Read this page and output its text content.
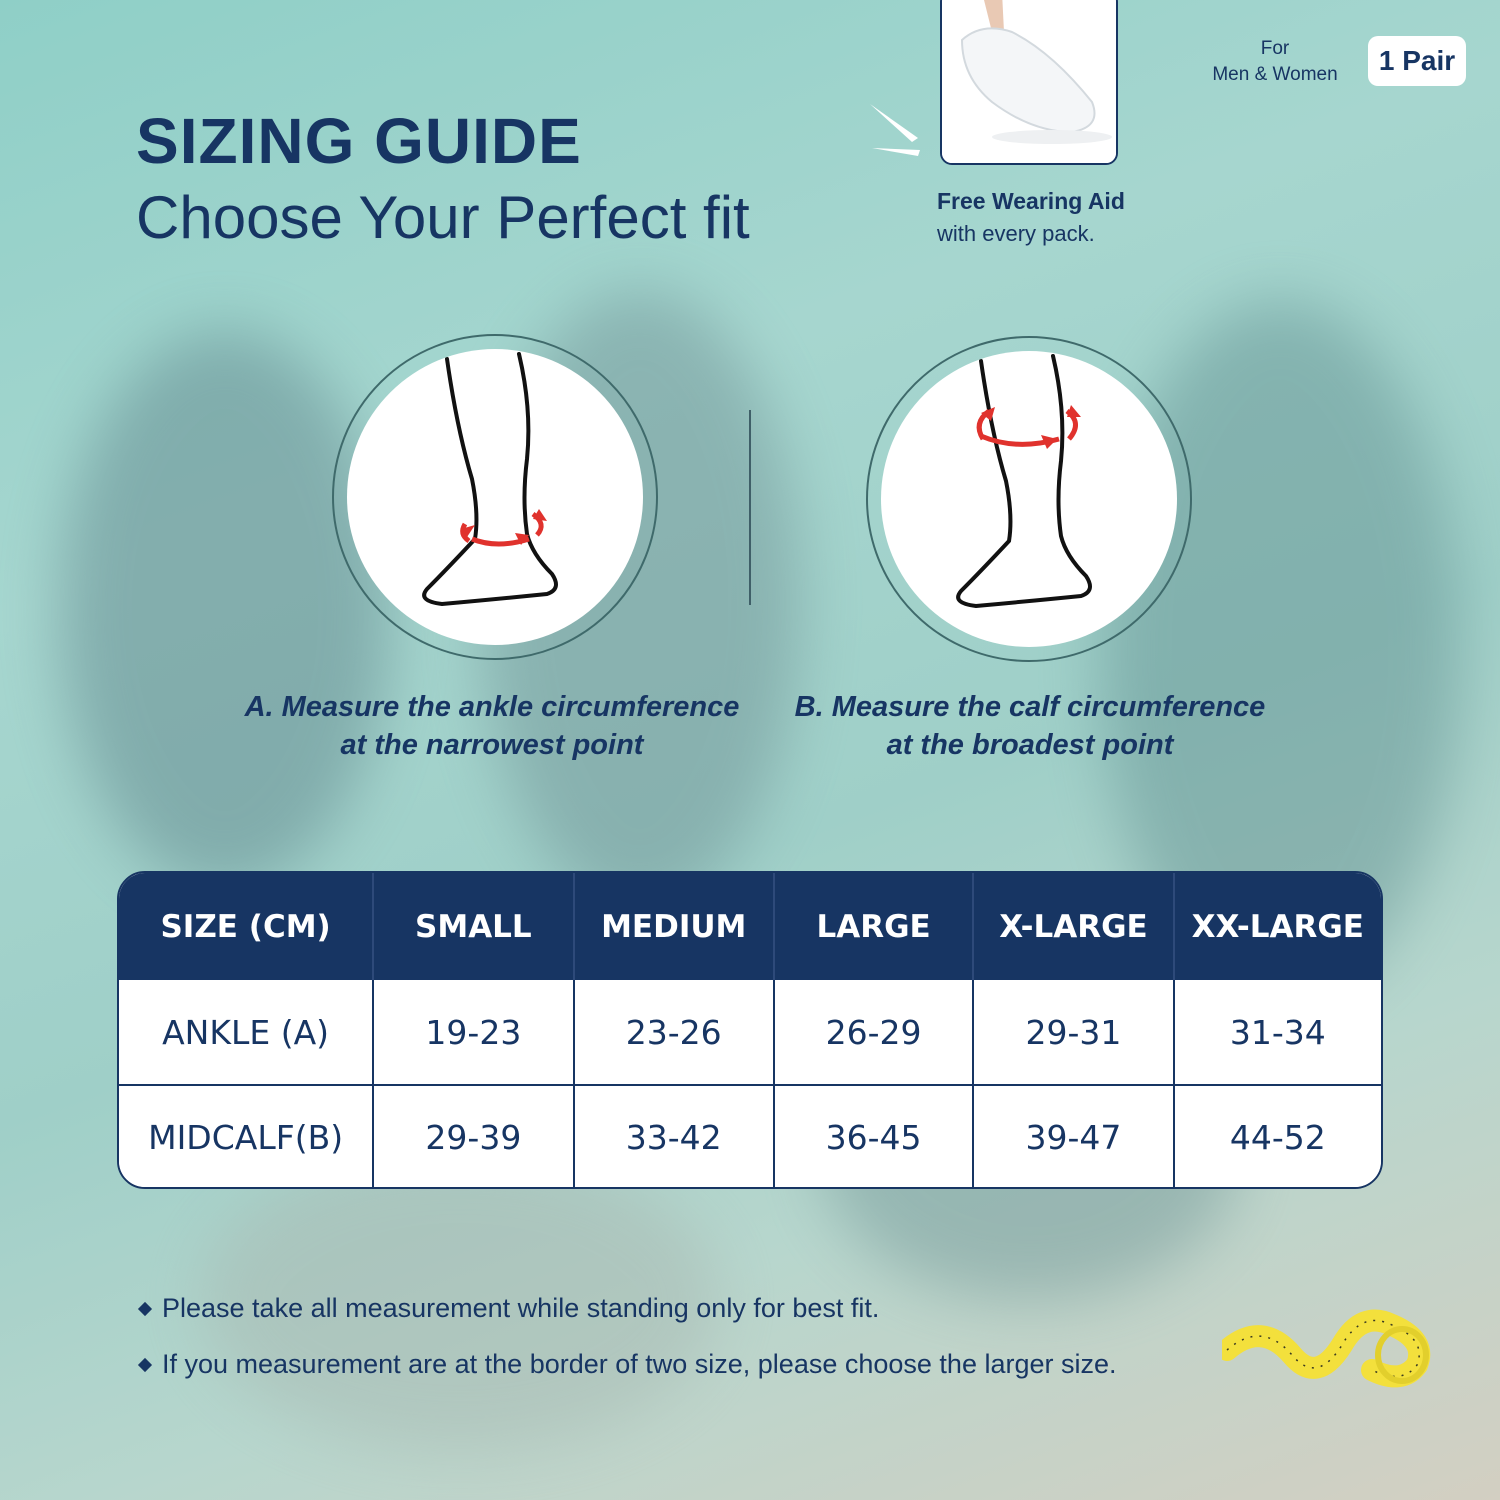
SIZING GUIDE
Choose Your Perfect fit	Free Wearing Aid
with every pack.
For
Men & Women	1 Pair
A. Measure the ankle circumference
at the narrowest point
B. Measure the calf circumference
at the broadest point
SIZE (CM)	SMALL	MEDIUM	LARGE	X-LARGE	XX-LARGE
ANKLE (A)	19-23	23-26	26-29	29-31	31-34
MIDCALF(B)	29-39	33-42	36-45	39-47	44-52
Please take all measurement while standing only for best fit.
If you measurement are at the border of two size, please choose the larger size.
